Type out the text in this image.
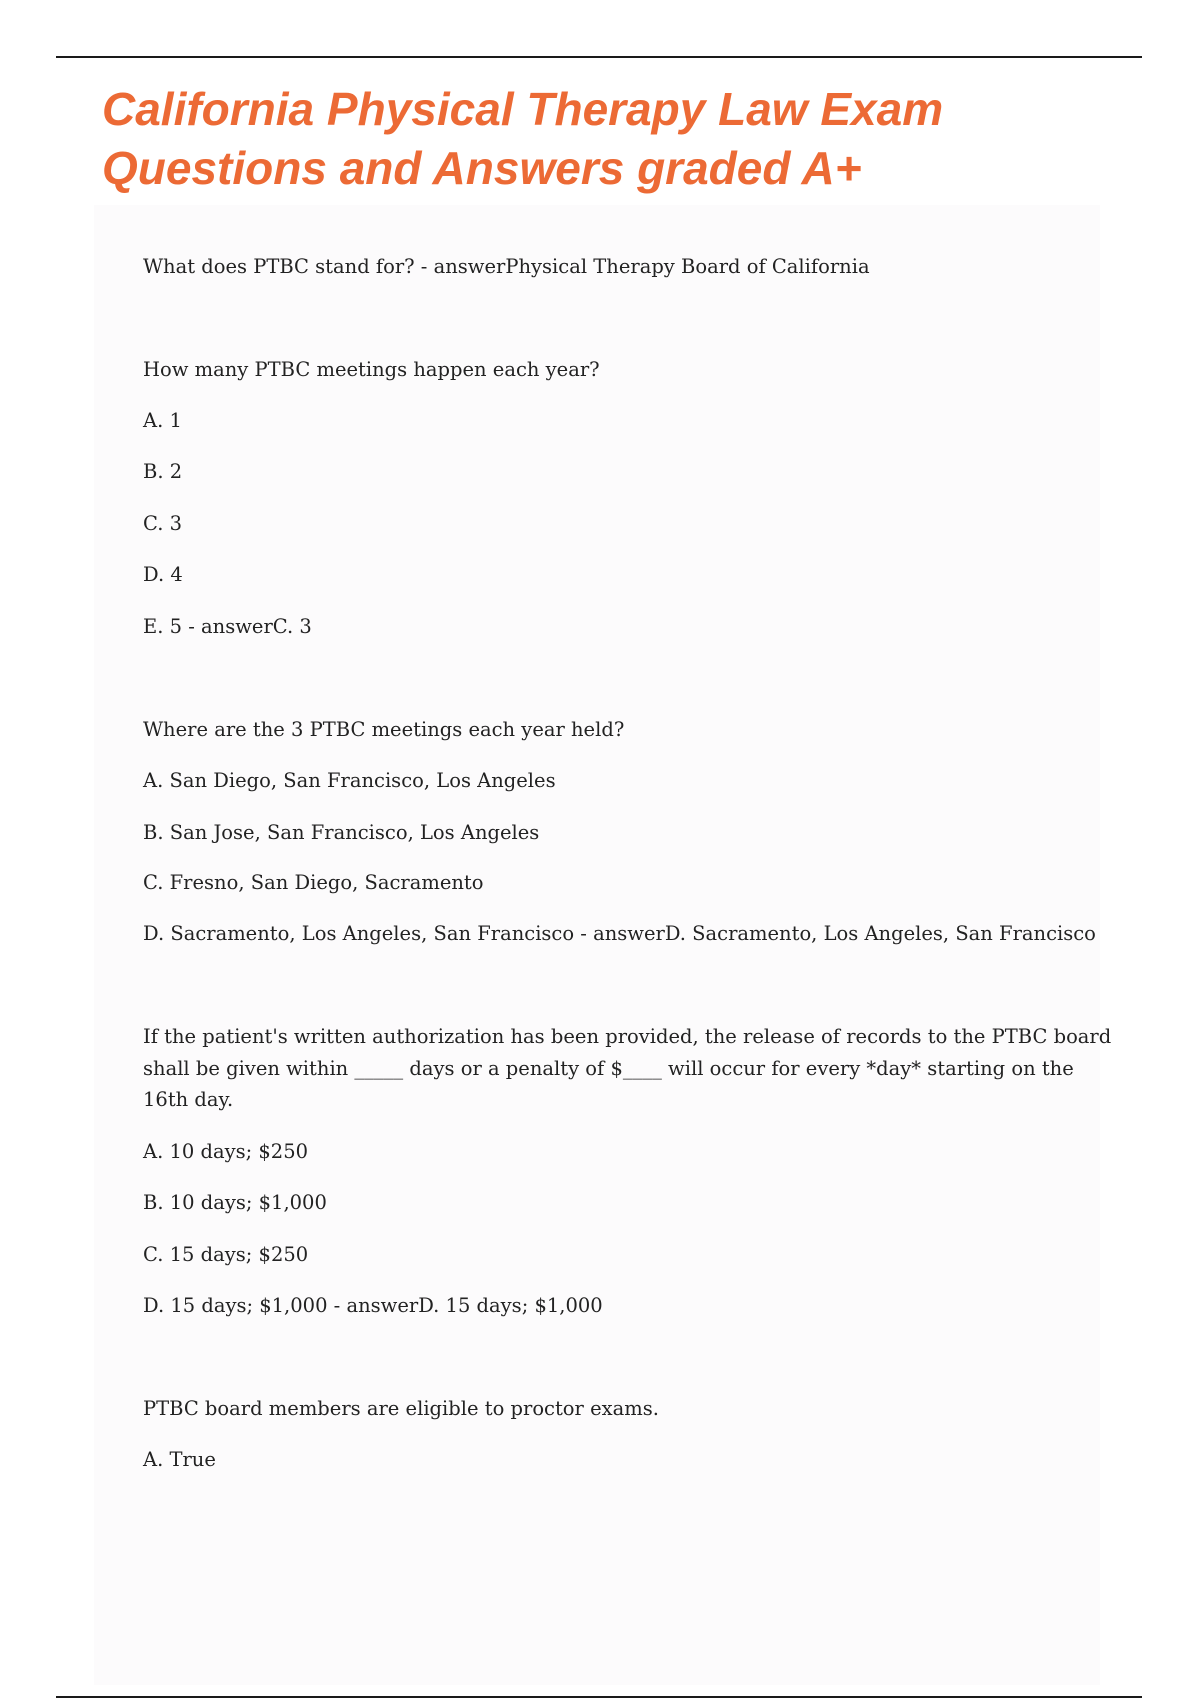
California Physical Therapy Law Exam
Questions and Answers graded A+

What does PTBC stand for? - answerPhysical Therapy Board of California

How many PTBC meetings happen each year?

A. 1

B. 2

C. 3

D. 4

E. 5 - answerC. 3

Where are the 3 PTBC meetings each year held?

A. San Diego, San Francisco, Los Angeles

B. San Jose, San Francisco, Los Angeles

C. Fresno, San Diego, Sacramento

D. Sacramento, Los Angeles, San Francisco - answerD. Sacramento, Los Angeles, San Francisco

If the patient's written authorization has been provided, the release of records to the PTBC board

shall be given within _____ days or a penalty of $____ will occur for every *day* starting on the

16th day.

A. 10 days; $250

B. 10 days; $1,000

C. 15 days; $250

D. 15 days; $1,000 - answerD. 15 days; $1,000

PTBC board members are eligible to proctor exams.

A. True
